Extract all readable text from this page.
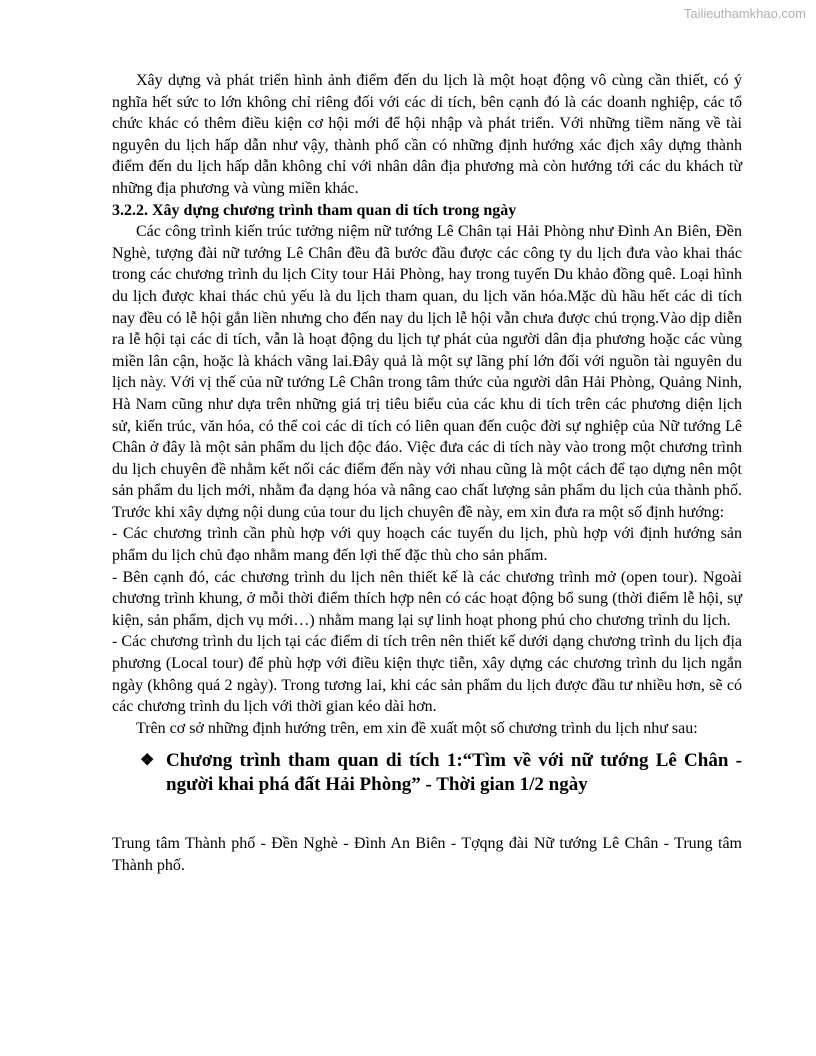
Tailieuthamkhao.com

Xây dựng và phát triển hình ảnh điểm đến du lịch là một hoạt động vô cùng cần thiết, có ý nghĩa hết sức to lớn không chỉ riêng đối với các di tích, bên cạnh đó là các doanh nghiệp, các tổ chức khác có thêm điều kiện cơ hội mới để hội nhập và phát triển. Với những tiềm năng về tài nguyên du lịch hấp dẫn như vậy, thành phố cần có những định hướng xác địch xây dựng thành điểm đến du lịch hấp dẫn không chỉ với nhân dân địa phương mà còn hướng tới các du khách từ những địa phương và vùng miền khác.

3.2.2. Xây dựng chương trình tham quan di tích trong ngày

Các công trình kiến trúc tưởng niệm nữ tướng Lê Chân tại Hải Phòng như Đình An Biên, Đền Nghè, tượng đài nữ tướng Lê Chân đều đã bước đầu được các công ty du lịch đưa vào khai thác trong các chương trình du lịch City tour Hải Phòng, hay trong tuyến Du khảo đồng quê. Loại hình du lịch được khai thác chủ yếu là du lịch tham quan, du lịch văn hóa.Mặc dù hầu hết các di tích nay đều có lễ hội gắn liền nhưng cho đến nay du lịch lễ hội vẫn chưa được chú trọng.Vào dịp diễn ra lễ hội tại các di tích, vẫn là hoạt động du lịch tự phát của người dân địa phương hoặc các vùng miền lân cận, hoặc là khách vãng lai.Đây quả là một sự lãng phí lớn đối với nguồn tài nguyên du lịch này. Với vị thế của nữ tướng Lê Chân trong tâm thức của người dân Hải Phòng, Quảng Ninh, Hà Nam cũng như dựa trên những giá trị tiêu biểu của các khu di tích trên các phương diện lịch sử, kiến trúc, văn hóa, có thể coi các di tích có liên quan đến cuộc đời sự nghiệp của Nữ tướng Lê Chân ở đây là một sản phẩm du lịch độc đáo. Việc đưa các di tích này vào trong một chương trình du lịch chuyên đề nhằm kết nối các điểm đến này với nhau cũng là một cách để tạo dựng nên một sản phẩm du lịch mới, nhằm đa dạng hóa và nâng cao chất lượng sản phẩm du lịch của thành phố. Trước khi xây dựng nội dung của tour du lịch chuyên đề này, em xin đưa ra một số định hướng:

- Các chương trình cần phù hợp với quy hoạch các tuyến du lịch, phù hợp với định hướng sản phẩm du lịch chủ đạo nhằm mang đến lợi thế đặc thù cho sản phẩm.

- Bên cạnh đó, các chương trình du lịch nên thiết kế là các chương trình mở (open tour). Ngoài chương trình khung, ở mỗi thời điểm thích hợp nên có các hoạt động bổ sung (thời điểm lễ hội, sự kiện, sản phẩm, dịch vụ mới…) nhằm mang lại sự linh hoạt phong phú cho chương trình du lịch.

- Các chương trình du lịch tại các điểm di tích trên nên thiết kế dưới dạng chương trình du lịch địa phương (Local tour) để phù hợp với điều kiện thực tiễn, xây dựng các chương trình du lịch ngắn ngày (không quá 2 ngày). Trong tương lai, khi các sản phẩm du lịch được đầu tư nhiều hơn, sẽ có các chương trình du lịch với thời gian kéo dài hơn.

Trên cơ sở những định hướng trên, em xin đề xuất một số chương trình du lịch như sau:

❖ Chương trình tham quan di tích 1:“Tìm về với nữ tướng Lê Chân - người khai phá đất Hải Phòng” - Thời gian 1/2 ngày

Trung tâm Thành phố - Đền Nghè - Đình An Biên - Tợqng đài Nữ tướng Lê Chân - Trung tâm Thành phố.
